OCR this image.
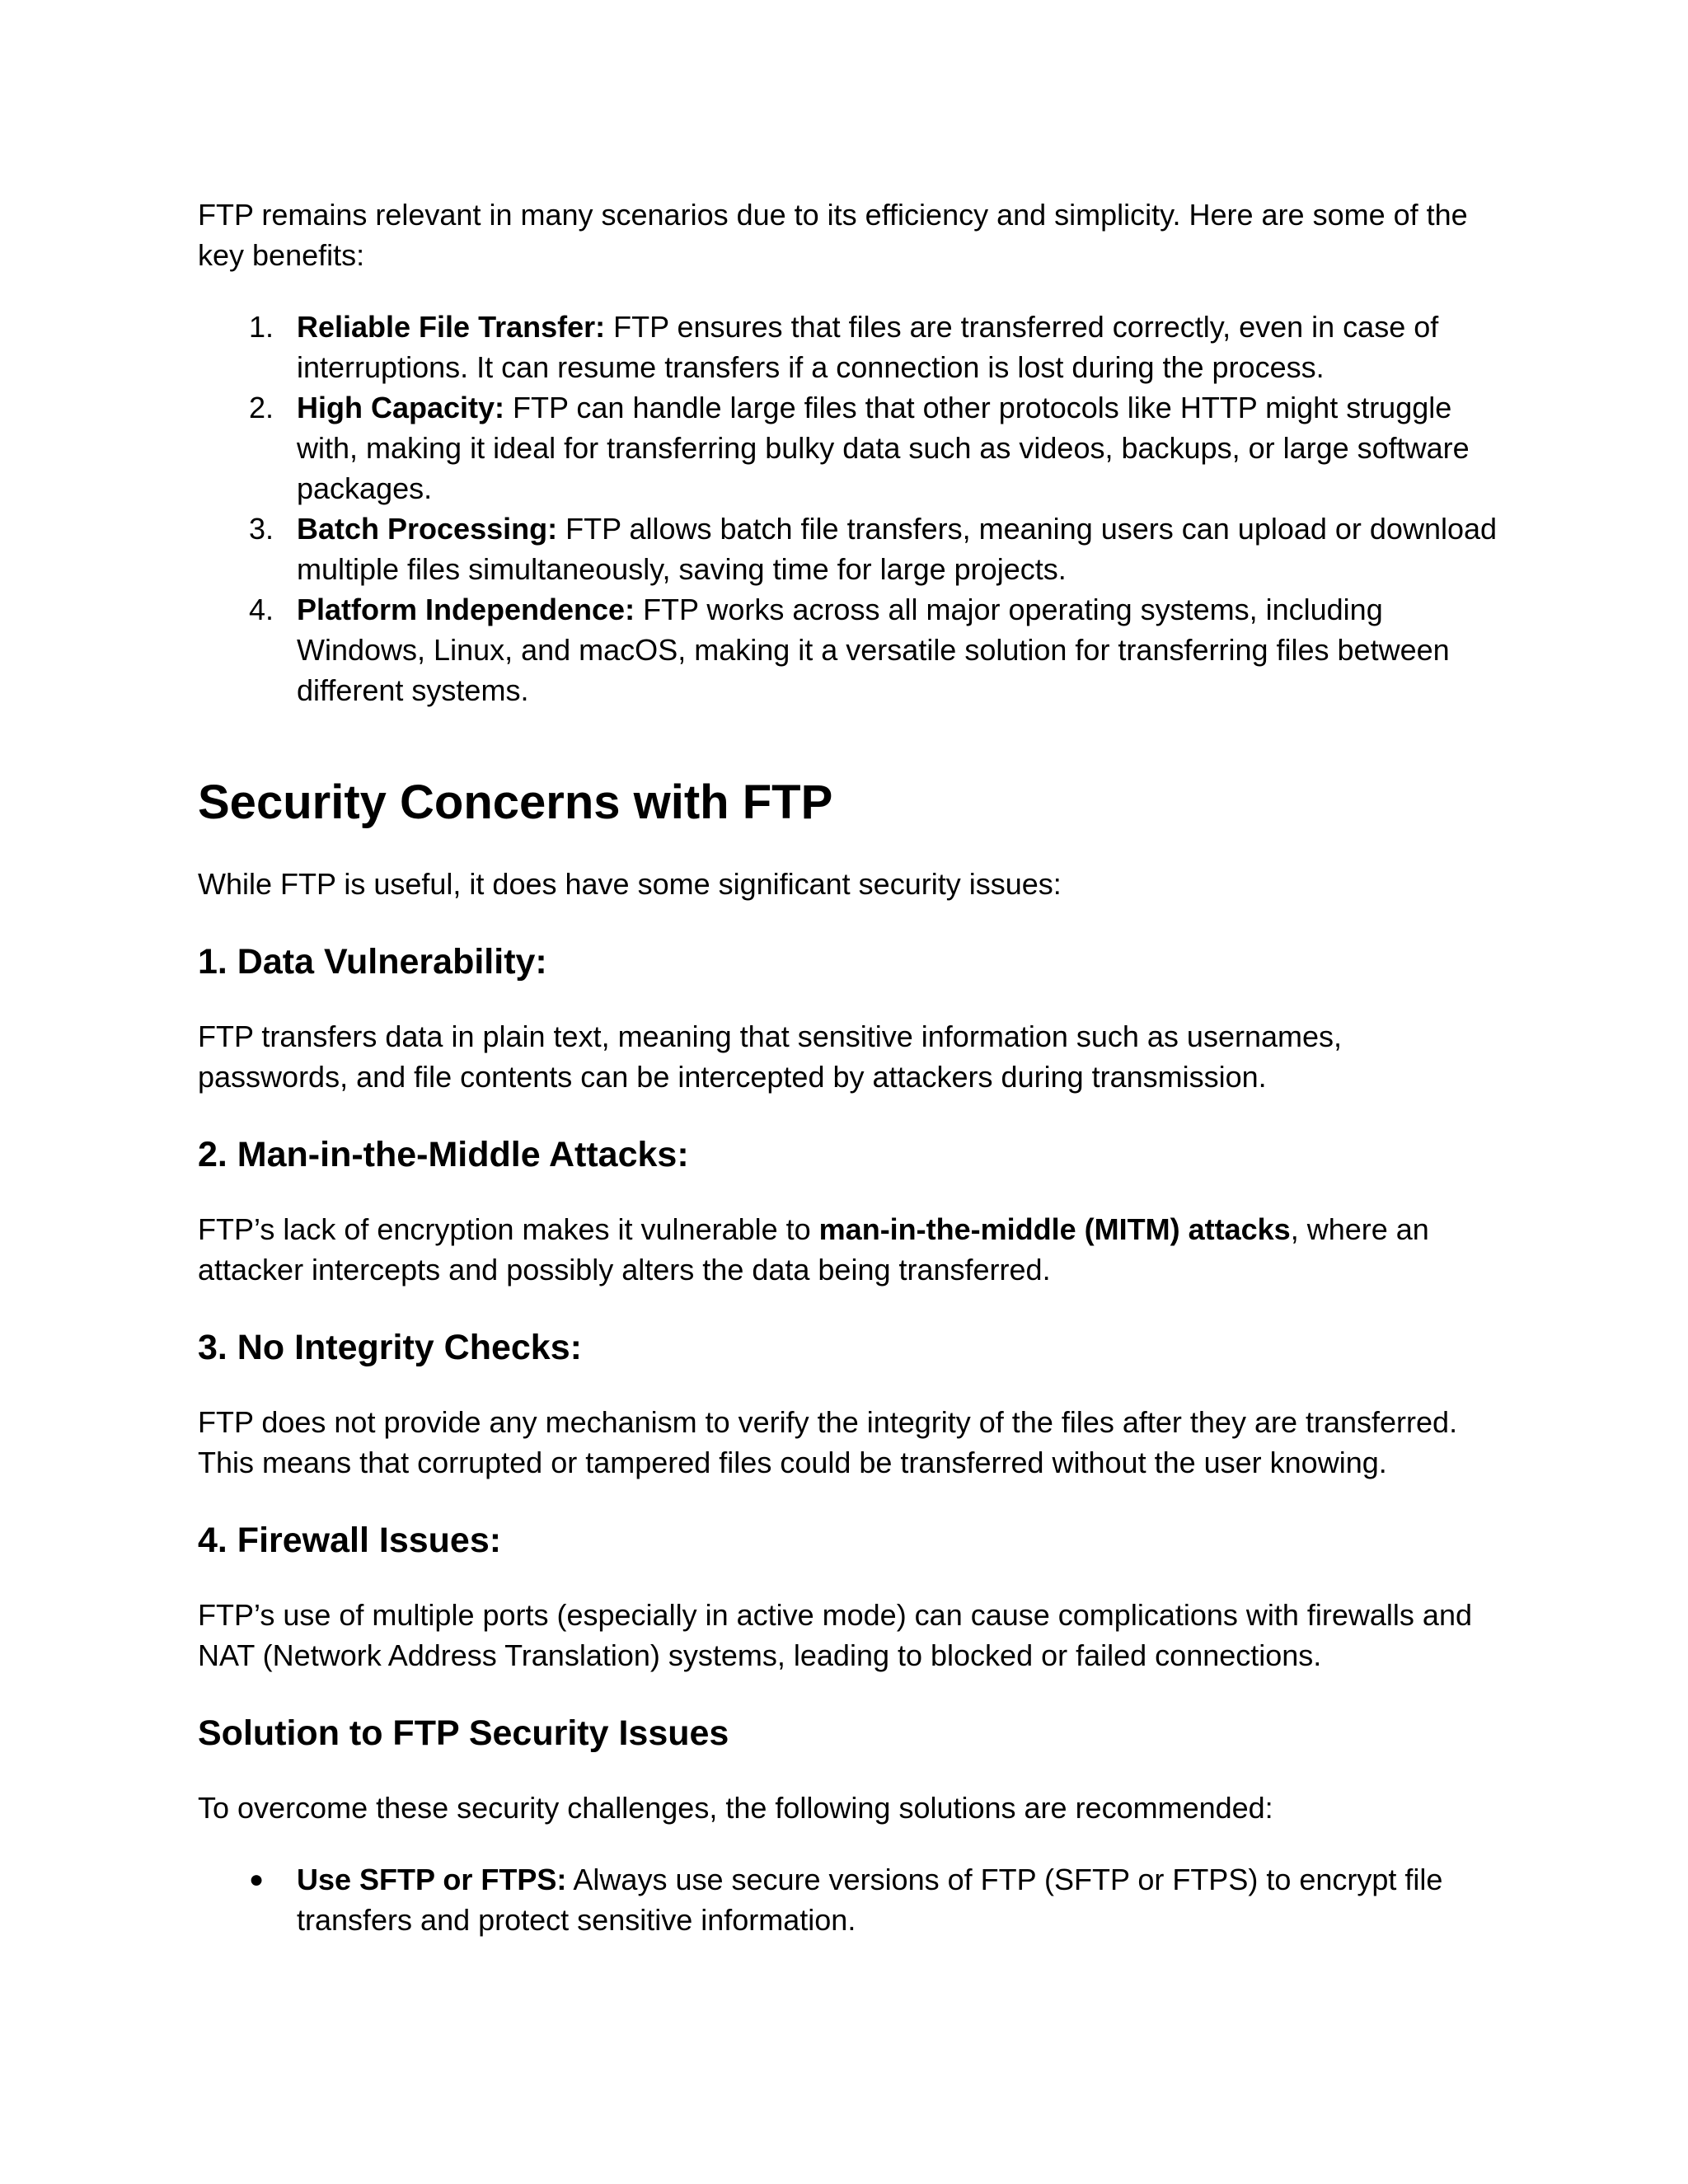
FTP remains relevant in many scenarios due to its efficiency and simplicity. Here are some of the key benefits:

1. Reliable File Transfer: FTP ensures that files are transferred correctly, even in case of interruptions. It can resume transfers if a connection is lost during the process.
2. High Capacity: FTP can handle large files that other protocols like HTTP might struggle with, making it ideal for transferring bulky data such as videos, backups, or large software packages.
3. Batch Processing: FTP allows batch file transfers, meaning users can upload or download multiple files simultaneously, saving time for large projects.
4. Platform Independence: FTP works across all major operating systems, including Windows, Linux, and macOS, making it a versatile solution for transferring files between different systems.
Security Concerns with FTP

While FTP is useful, it does have some significant security issues:

1. Data Vulnerability:

FTP transfers data in plain text, meaning that sensitive information such as usernames, passwords, and file contents can be intercepted by attackers during transmission.

2. Man-in-the-Middle Attacks:

FTP’s lack of encryption makes it vulnerable to man-in-the-middle (MITM) attacks, where an attacker intercepts and possibly alters the data being transferred.

3. No Integrity Checks:

FTP does not provide any mechanism to verify the integrity of the files after they are transferred. This means that corrupted or tampered files could be transferred without the user knowing.

4. Firewall Issues:

FTP’s use of multiple ports (especially in active mode) can cause complications with firewalls and NAT (Network Address Translation) systems, leading to blocked or failed connections.

Solution to FTP Security Issues

To overcome these security challenges, the following solutions are recommended:

● Use SFTP or FTPS: Always use secure versions of FTP (SFTP or FTPS) to encrypt file transfers and protect sensitive information.
